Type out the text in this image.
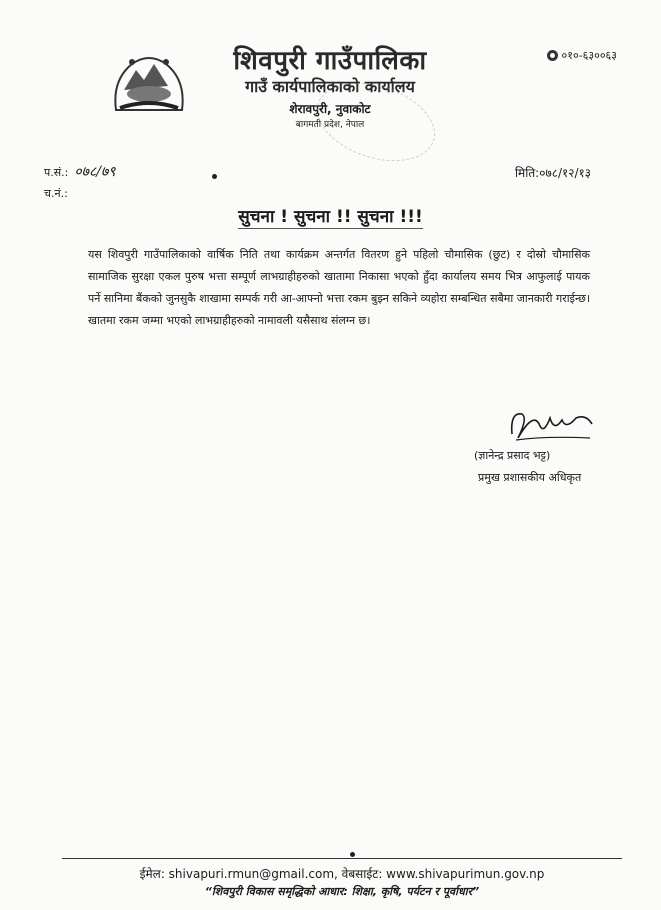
शिवपुरी गाउँपालिका
गाउँ कार्यपालिकाको कार्यालय
शेरावपुरी, नुवाकोट
बागमती प्रदेश, नेपाल
०१०-६३००६३
प.सं.: ०७८/७९
च.नं.:
मिति:०७८/१२/१३
सुचना ! सुचना !! सुचना !!!
यस शिवपुरी गाउँपालिकाको वार्षिक निति तथा कार्यक्रम अन्तर्गत वितरण हुने पहिलो चौमासिक (छुट) र दोस्रो चौमासिक सामाजिक सुरक्षा एकल पुरुष भत्ता सम्पूर्ण लाभग्राहीहरुको खातामा निकासा भएको हुँदा कार्यालय समय भित्र आफुलाई पायक पर्ने सानिमा बैंकको जुनसुकै शाखामा सम्पर्क गरी आ-आफ्नो भत्ता रकम बुझ्न सकिने व्यहोरा सम्बन्धित सबैमा जानकारी गराईन्छ।खातमा रकम जम्मा भएको लाभग्राहीहरुको नामावली यसैसाथ संलग्न छ।
(ज्ञानेन्द्र प्रसाद भट्ट)
प्रमुख प्रशासकीय अधिकृत
ईमेल: shivapuri.rmun@gmail.com, वेबसाईट: www.shivapurimun.gov.np
“शिवपुरी विकास समृद्धिको आधार: शिक्षा, कृषि, पर्यटन र पूर्वाधार”
